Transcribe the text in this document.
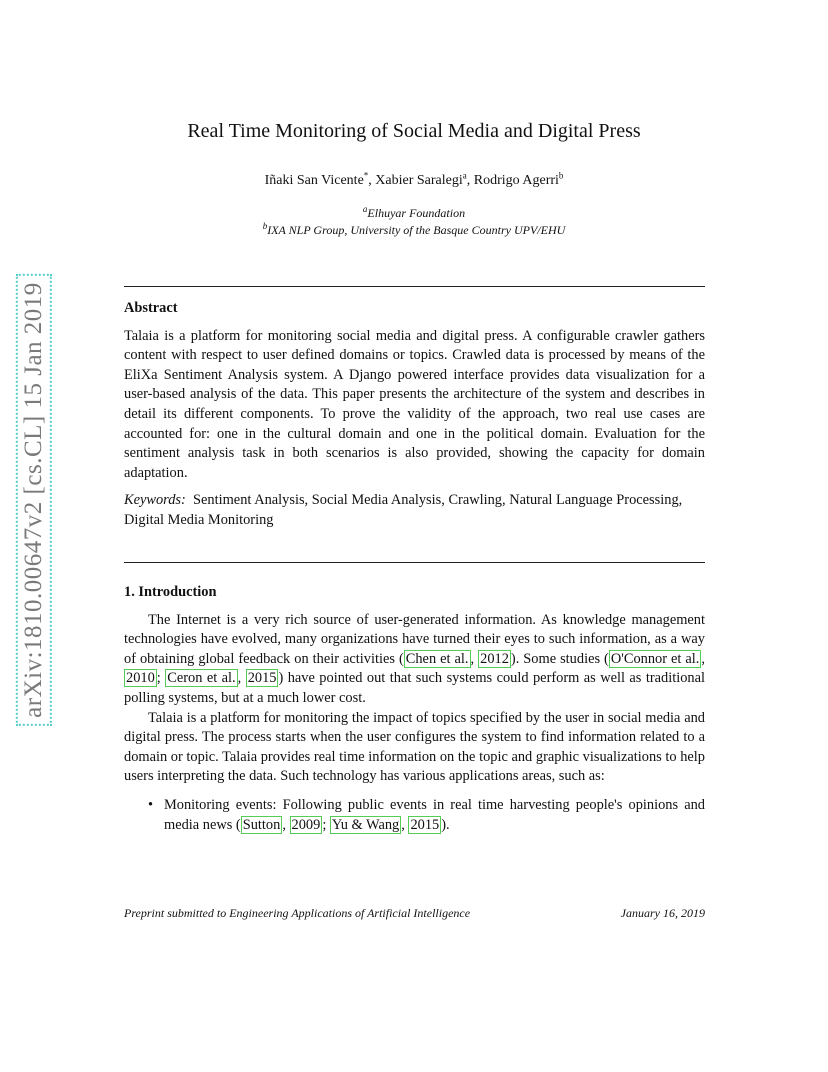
arXiv:1810.00647v2 [cs.CL] 15 Jan 2019
Real Time Monitoring of Social Media and Digital Press
Iñaki San Vicente*, Xabier Saralegi$^a$, Rodrigo Agerri$^b$
$^a$Elhuyar Foundation
$^b$IXA NLP Group, University of the Basque Country UPV/EHU

Abstract

Talaia is a platform for monitoring social media and digital press. A configurable crawler gathers content with respect to user defined domains or topics. Crawled data is processed by means of the EliXa Sentiment Analysis system. A Django powered interface provides data visualization for a user-based analysis of the data. This paper presents the architecture of the system and describes in detail its different components. To prove the validity of the approach, two real use cases are accounted for: one in the cultural domain and one in the political domain. Evaluation for the sentiment analysis task in both scenarios is also provided, showing the capacity for domain adaptation.

Keywords: Sentiment Analysis, Social Media Analysis, Crawling, Natural Language Processing, Digital Media Monitoring

1. Introduction

The Internet is a very rich source of user-generated information. As knowledge management technologies have evolved, many organizations have turned their eyes to such information, as a way of obtaining global feedback on their activities ( Chen et al. , 2012 ). Some studies ( O'Connor et al. , 2010 ; Ceron et al. , 2015 ) have pointed out that such systems could perform as well as traditional polling systems, but at a much lower cost.

Talaia is a platform for monitoring the impact of topics specified by the user in social media and digital press. The process starts when the user configures the system to find information related to a domain or topic. Talaia provides real time information on the topic and graphic visualizations to help users interpreting the data. Such technology has various applications areas, such as:

• Monitoring events: Following public events in real time harvesting people's opinions and media news ( Sutton , 2009 ; Yu & Wang , 2015 ).
Preprint submitted to Engineering Applications of Artificial Intelligence	January 16, 2019
